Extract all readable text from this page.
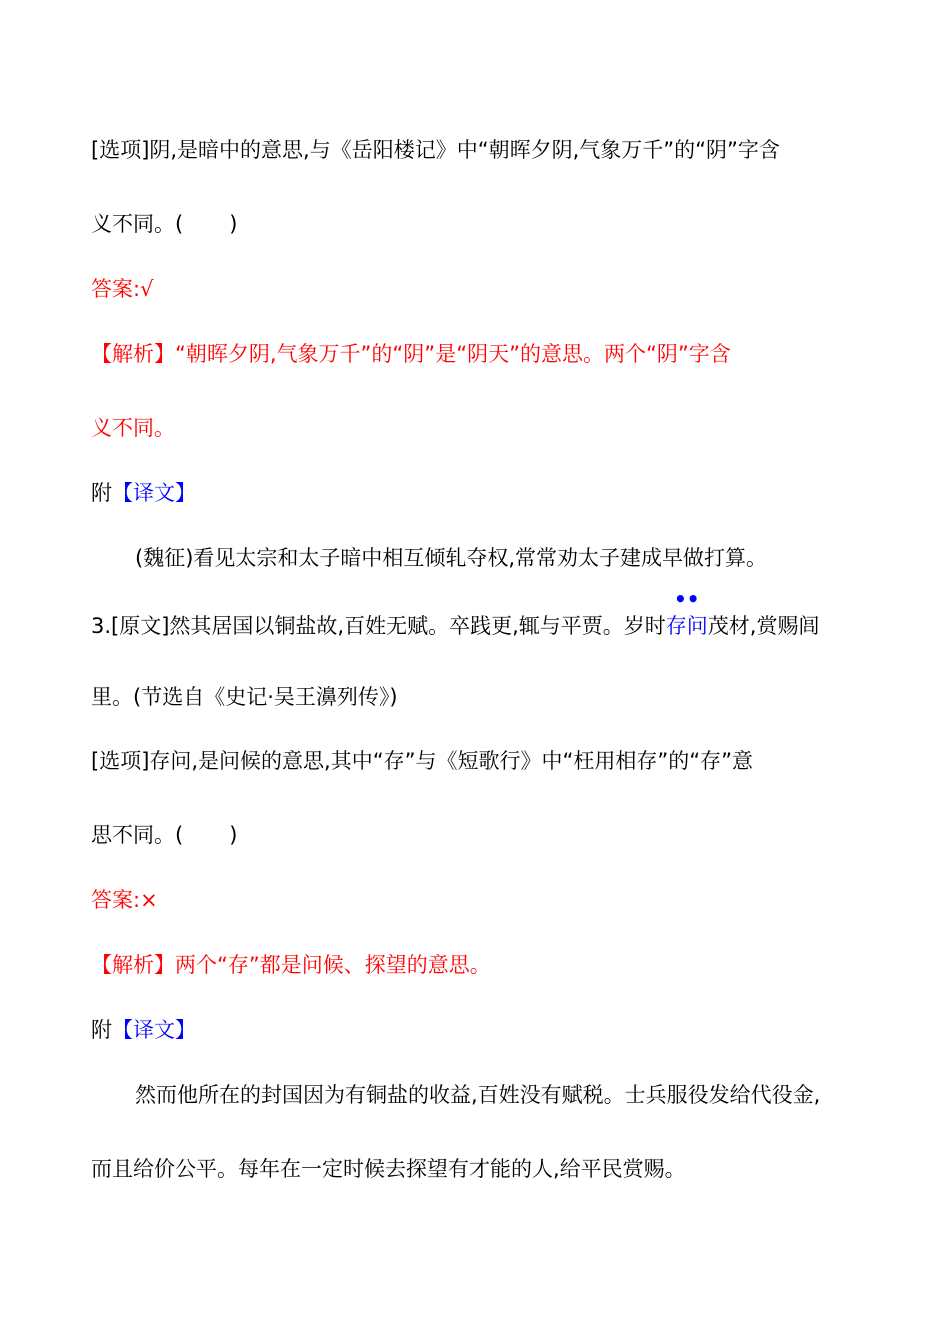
[选项]阴,是暗中的意思,与《岳阳楼记》中“朝晖夕阴,气象万千”的“阴”字含
义不同。( )
答案:√
【解析】“朝晖夕阴,气象万千”的“阴”是“阴天”的意思。两个“阴”字含
义不同。
附【译文】
(魏征)看见太宗和太子暗中相互倾轧夺权,常常劝太子建成早做打算。
3.[原文]然其居国以铜盐故,百姓无赋。卒践更,辄与平贾。岁时
••
存问茂材,赏赐闾
里。(节选自《史记·吴王濞列传》)
[选项]存问,是问候的意思,其中“存”与《短歌行》中“枉用相存”的“存”意
思不同。( )
答案:×
【解析】两个“存”都是问候、探望的意思。
附【译文】
然而他所在的封国因为有铜盐的收益,百姓没有赋税。士兵服役发给代役金,
而且给价公平。每年在一定时候去探望有才能的人,给平民赏赐。
